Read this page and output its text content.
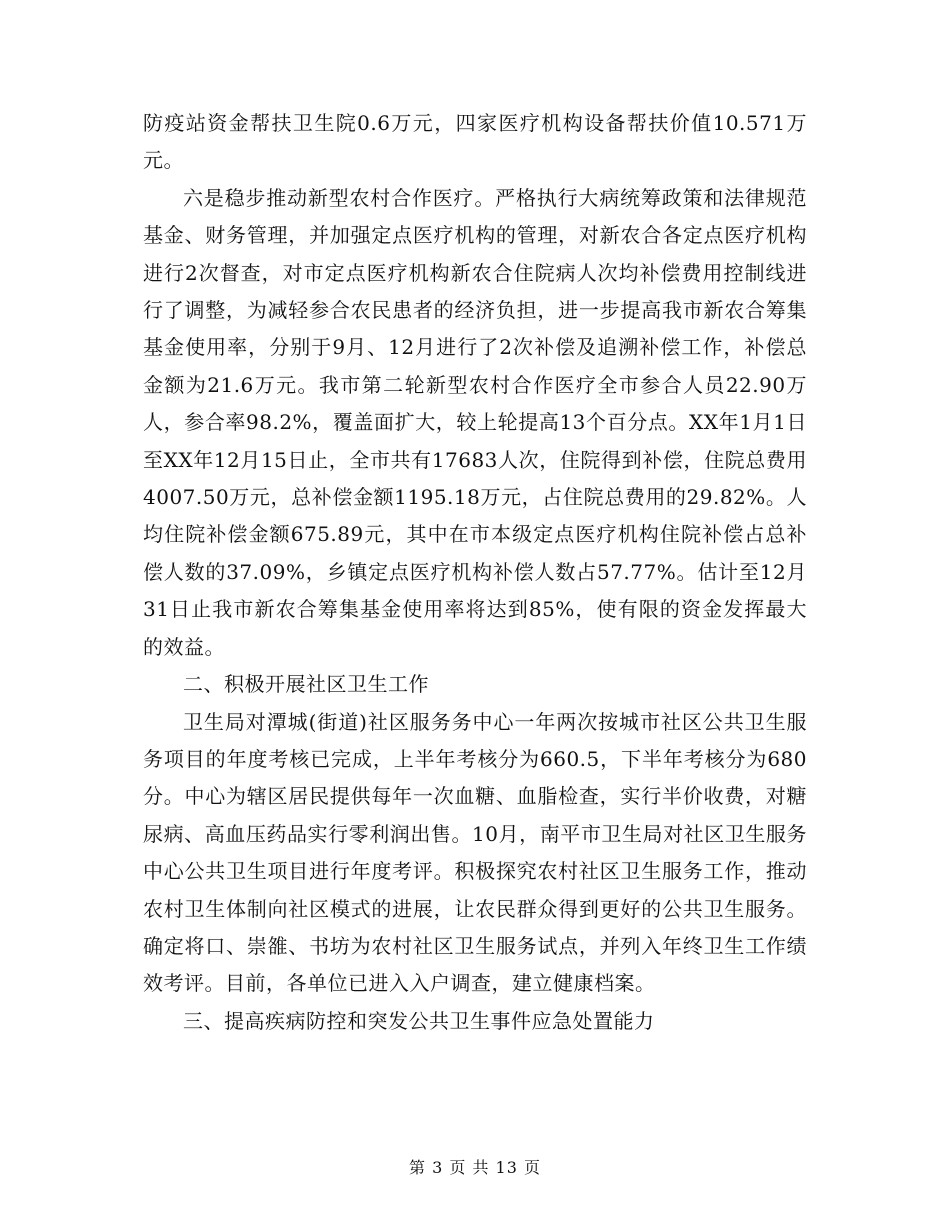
防疫站资金帮扶卫生院0.6万元，四家医疗机构设备帮扶价值10.571万元。

六是稳步推动新型农村合作医疗。严格执行大病统筹政策和法律规范基金、财务管理，并加强定点医疗机构的管理，对新农合各定点医疗机构进行2次督查，对市定点医疗机构新农合住院病人次均补偿费用控制线进行了调整，为减轻参合农民患者的经济负担，进一步提高我市新农合筹集基金使用率，分别于9月、12月进行了2次补偿及追溯补偿工作，补偿总金额为21.6万元。我市第二轮新型农村合作医疗全市参合人员22.90万人，参合率98.2%，覆盖面扩大，较上轮提高13个百分点。XX年1月1日至XX年12月15日止，全市共有17683人次，住院得到补偿，住院总费用4007.50万元，总补偿金额1195.18万元，占住院总费用的29.82%。人均住院补偿金额675.89元，其中在市本级定点医疗机构住院补偿占总补偿人数的37.09%，乡镇定点医疗机构补偿人数占57.77%。估计至12月31日止我市新农合筹集基金使用率将达到85%，使有限的资金发挥最大的效益。

二、积极开展社区卫生工作

卫生局对潭城(街道)社区服务务中心一年两次按城市社区公共卫生服务项目的年度考核已完成，上半年考核分为660.5，下半年考核分为680分。中心为辖区居民提供每年一次血糖、血脂检查，实行半价收费，对糖尿病、高血压药品实行零利润出售。10月，南平市卫生局对社区卫生服务中心公共卫生项目进行年度考评。积极探究农村社区卫生服务工作，推动农村卫生体制向社区模式的进展，让农民群众得到更好的公共卫生服务。确定将口、崇雒、书坊为农村社区卫生服务试点，并列入年终卫生工作绩效考评。目前，各单位已进入入户调查，建立健康档案。

三、提高疾病防控和突发公共卫生事件应急处置能力

第 3 页 共 13 页
